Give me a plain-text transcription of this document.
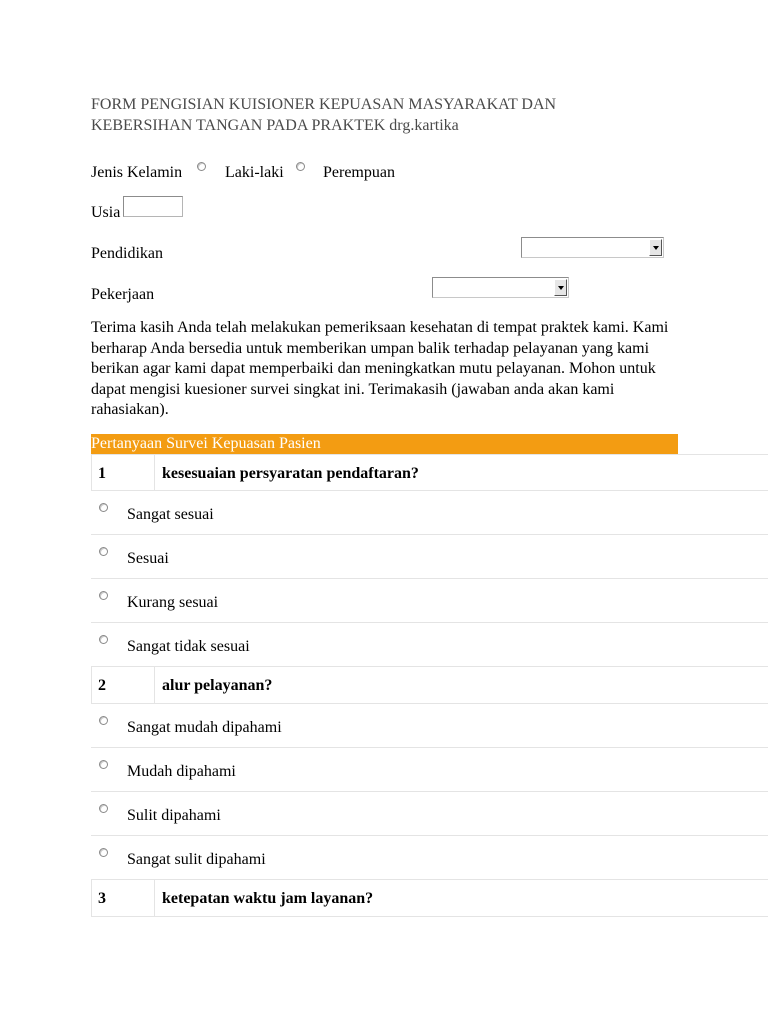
FORM PENGISIAN KUISIONER KEPUASAN MASYARAKAT DAN KEBERSIHAN TANGAN PADA PRAKTEK drg.kartika
Jenis Kelamin	Laki-laki Perempuan
Usia
Pendidikan
Pekerjaan
Terima kasih Anda telah melakukan pemeriksaan kesehatan di tempat praktek kami. Kami berharap Anda bersedia untuk memberikan umpan balik terhadap pelayanan yang kami berikan agar kami dapat memperbaiki dan meningkatkan mutu pelayanan. Mohon untuk dapat mengisi kuesioner survei singkat ini. Terimakasih (jawaban anda akan kami rahasiakan).
Pertanyaan Survei Kepuasan Pasien
1	kesesuaian persyaratan pendaftaran?
Sangat sesuai
Sesuai
Kurang sesuai
Sangat tidak sesuai
2	alur pelayanan?
Sangat mudah dipahami
Mudah dipahami
Sulit dipahami
Sangat sulit dipahami
3	ketepatan waktu jam layanan?
